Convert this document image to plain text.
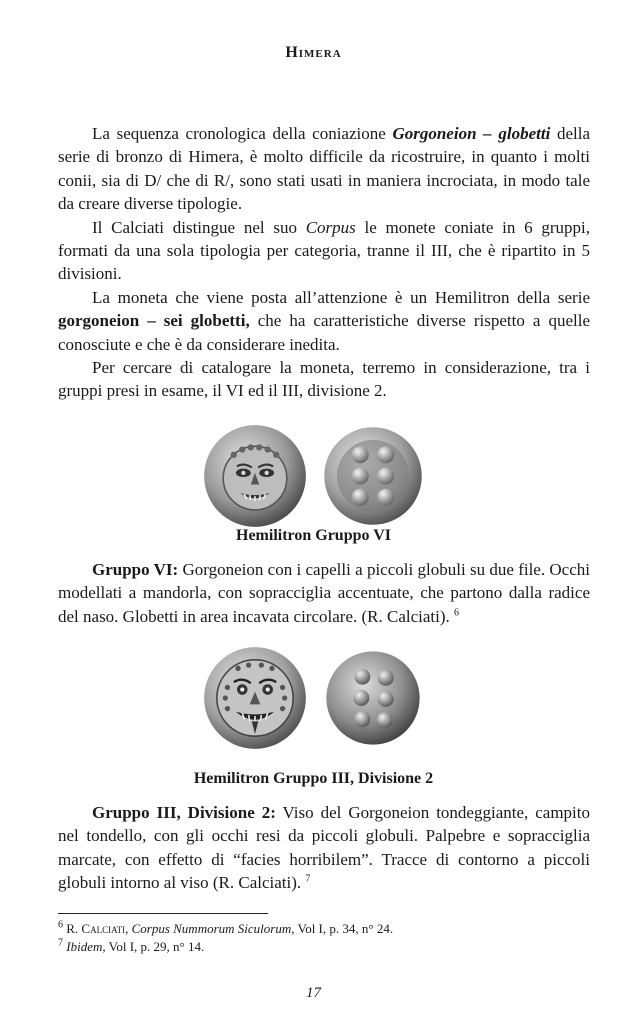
Himera

La sequenza cronologica della coniazione Gorgoneion – globetti della serie di bronzo di Himera, è molto difficile da ricostruire, in quanto i molti conii, sia di D/ che di R/, sono stati usati in maniera incrociata, in modo tale da creare diverse tipologie.

Il Calciati distingue nel suo Corpus le monete coniate in 6 gruppi, formati da una sola tipologia per categoria, tranne il III, che è ripartito in 5 divisioni.

La moneta che viene posta all’attenzione è un Hemilitron della serie gorgoneion – sei globetti, che ha caratteristiche diverse rispetto a quelle conosciute e che è da considerare inedita.

Per cercare di catalogare la moneta, terremo in considerazione, tra i gruppi presi in esame, il VI ed il III, divisione 2.

Hemilitron Gruppo VI

Gruppo VI: Gorgoneion con i capelli a piccoli globuli su due file. Occhi modellati a mandorla, con sopracciglia accentuate, che partono dalla radice del naso. Globetti in area incavata circolare. (R. Calciati). $^6$

Hemilitron Gruppo III, Divisione 2

Gruppo III, Divisione 2: Viso del Gorgoneion tondeggiante, campito nel tondello, con gli occhi resi da piccoli globuli. Palpebre e sopracciglia marcate, con effetto di “facies horribilem”. Tracce di contorno a piccoli globuli intorno al viso (R. Calciati). $^7$

$^6$ R. Calciati, Corpus Nummorum Siculorum, Vol I, p. 34, n° 24.

$^7$ Ibidem, Vol I, p. 29, n° 14.

17
